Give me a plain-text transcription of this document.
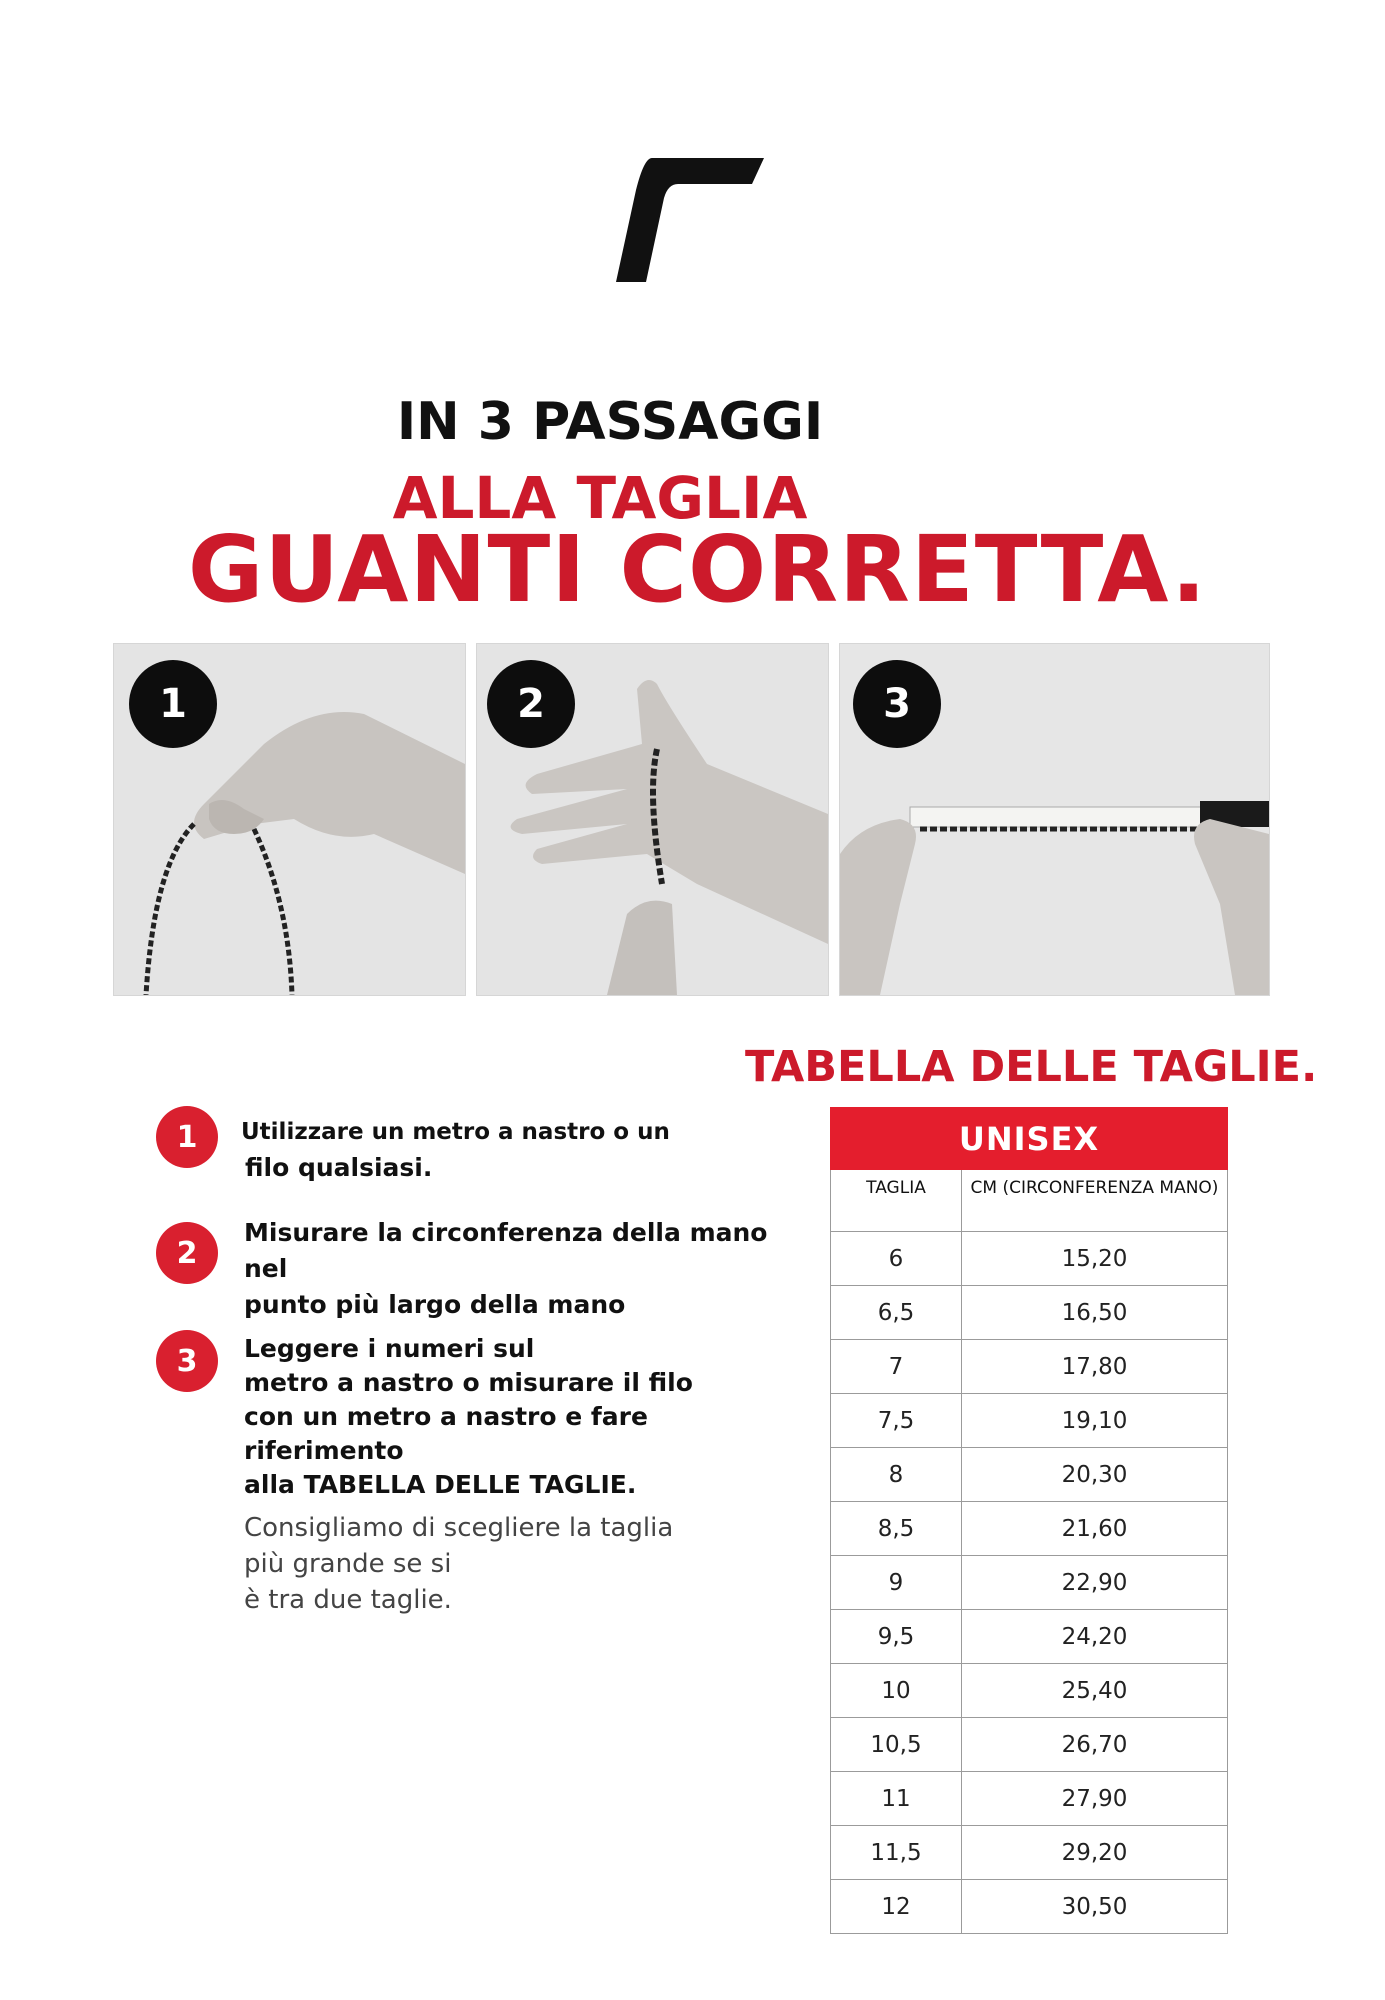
IN 3 PASSAGGI
ALLA TAGLIA
GUANTI CORRETTA.
1	2	3
TABELLA DELLE TAGLIE.
1	Utilizzare un metro a nastro o un
filo qualsiasi.
2
Misurare la circonferenza della mano nel
punto più largo della mano
3	Leggere i numeri sul
metro a nastro o misurare il filo
con un metro a nastro e fare riferimento
alla TABELLA DELLE TAGLIE.
Consigliamo di scegliere la taglia
più grande se si
è tra due taglie.
UNISEX	
TAGLIA	CM (CIRCONFERENZA MANO)
6	15,20
6,5	16,50
7	17,80
7,5	19,10
8	20,30
8,5	21,60
9	22,90
9,5	24,20
10	25,40
10,5	26,70
11	27,90
11,5	29,20
12	30,50
